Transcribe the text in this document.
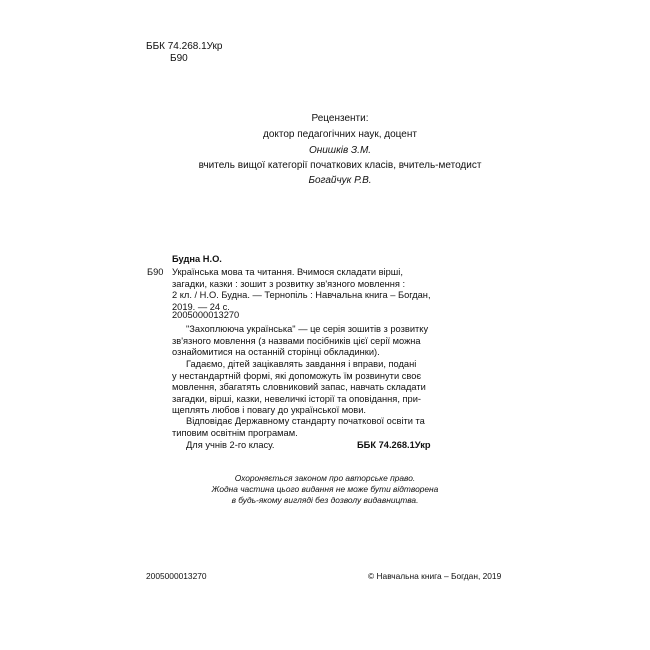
ББК 74.268.1Укр
Б90
Рецензенти:
доктор педагогічних наук, доцент
Онишків З.М.
вчитель вищої категорії початкових класів, вчитель-методист
Богайчук Р.В.
Будна Н.О.
Б90 Українська мова та читання. Вчимося складати вірші,

загадки, казки : зошит з розвитку зв'язного мовлення :

2 кл. / Н.О. Будна. — Тернопіль : Навчальна книга – Богдан,

2019. — 24 с.

2005000013270

"Захоплююча українська" — це серія зошитів з розвитку

зв'язного мовлення (з назвами посібників цієї серії можна

ознайомитися на останній сторінці обкладинки).

Гадаємо, дітей зацікавлять завдання і вправи, подані

у нестандартній формі, які допоможуть їм розвинути своє

мовлення, збагатять словниковий запас, навчать складати

загадки, вірші, казки, невеличкі історії та оповідання, при-

щеплять любов і повагу до української мови.

Відповідає Державному стандарту початкової освіти та

типовим освітнім програмам.

Для учнів 2-го класу.	ББК 74.268.1Укр
Охороняється законом про авторське право.
Жодна частина цього видання не може бути відтворена
в будь-якому вигляді без дозволу видавництва.
2005000013270	© Навчальна книга – Богдан, 2019
